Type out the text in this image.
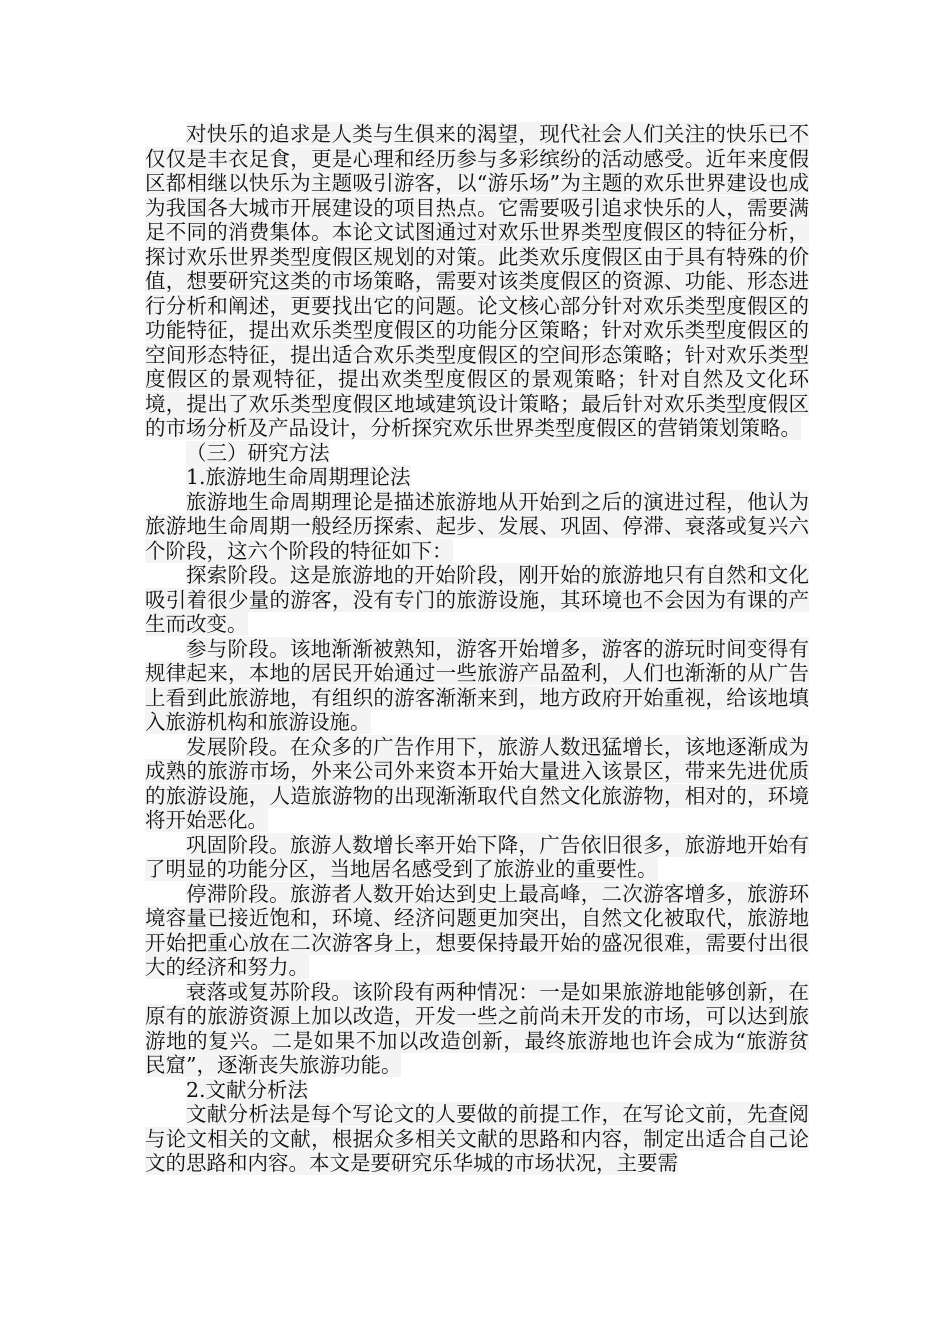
对快乐的追求是人类与生俱来的渴望，现代社会人们关注的快乐已不仅仅是丰衣足食，更是心理和经历参与多彩缤纷的活动感受。近年来度假区都相继以快乐为主题吸引游客，以“游乐场”为主题的欢乐世界建设也成为我国各大城市开展建设的项目热点。它需要吸引追求快乐的人，需要满足不同的消费集体。本论文试图通过对欢乐世界类型度假区的特征分析，探讨欢乐世界类型度假区规划的对策。此类欢乐度假区由于具有特殊的价值，想要研究这类的市场策略，需要对该类度假区的资源、功能、形态进行分析和阐述，更要找出它的问题。论文核心部分针对欢乐类型度假区的功能特征，提出欢乐类型度假区的功能分区策略；针对欢乐类型度假区的空间形态特征，提出适合欢乐类型度假区的空间形态策略；针对欢乐类型度假区的景观特征，提出欢类型度假区的景观策略；针对自然及文化环境，提出了欢乐类型度假区地域建筑设计策略；最后针对欢乐类型度假区的市场分析及产品设计，分析探究欢乐世界类型度假区的营销策划策略。

（三）研究方法

1.旅游地生命周期理论法

旅游地生命周期理论是描述旅游地从开始到之后的演进过程，他认为旅游地生命周期一般经历探索、起步、发展、巩固、停滞、衰落或复兴六个阶段，这六个阶段的特征如下：

探索阶段。这是旅游地的开始阶段，刚开始的旅游地只有自然和文化吸引着很少量的游客，没有专门的旅游设施，其环境也不会因为有课的产生而改变。

参与阶段。该地渐渐被熟知，游客开始增多，游客的游玩时间变得有规律起来，本地的居民开始通过一些旅游产品盈利，人们也渐渐的从广告上看到此旅游地，有组织的游客渐渐来到，地方政府开始重视，给该地填入旅游机构和旅游设施。

发展阶段。在众多的广告作用下，旅游人数迅猛增长，该地逐渐成为成熟的旅游市场，外来公司外来资本开始大量进入该景区，带来先进优质的旅游设施，人造旅游物的出现渐渐取代自然文化旅游物，相对的，环境将开始恶化。

巩固阶段。旅游人数增长率开始下降，广告依旧很多，旅游地开始有了明显的功能分区，当地居名感受到了旅游业的重要性。

停滞阶段。旅游者人数开始达到史上最高峰，二次游客增多，旅游环境容量已接近饱和，环境、经济问题更加突出，自然文化被取代，旅游地开始把重心放在二次游客身上，想要保持最开始的盛况很难，需要付出很大的经济和努力。

衰落或复苏阶段。该阶段有两种情况：一是如果旅游地能够创新，在原有的旅游资源上加以改造，开发一些之前尚未开发的市场，可以达到旅游地的复兴。二是如果不加以改造创新，最终旅游地也许会成为“旅游贫民窟”，逐渐丧失旅游功能。

2.文献分析法

文献分析法是每个写论文的人要做的前提工作，在写论文前，先查阅与论文相关的文献，根据众多相关文献的思路和内容，制定出适合自己论文的思路和内容。本文是要研究乐华城的市场状况，主要需
